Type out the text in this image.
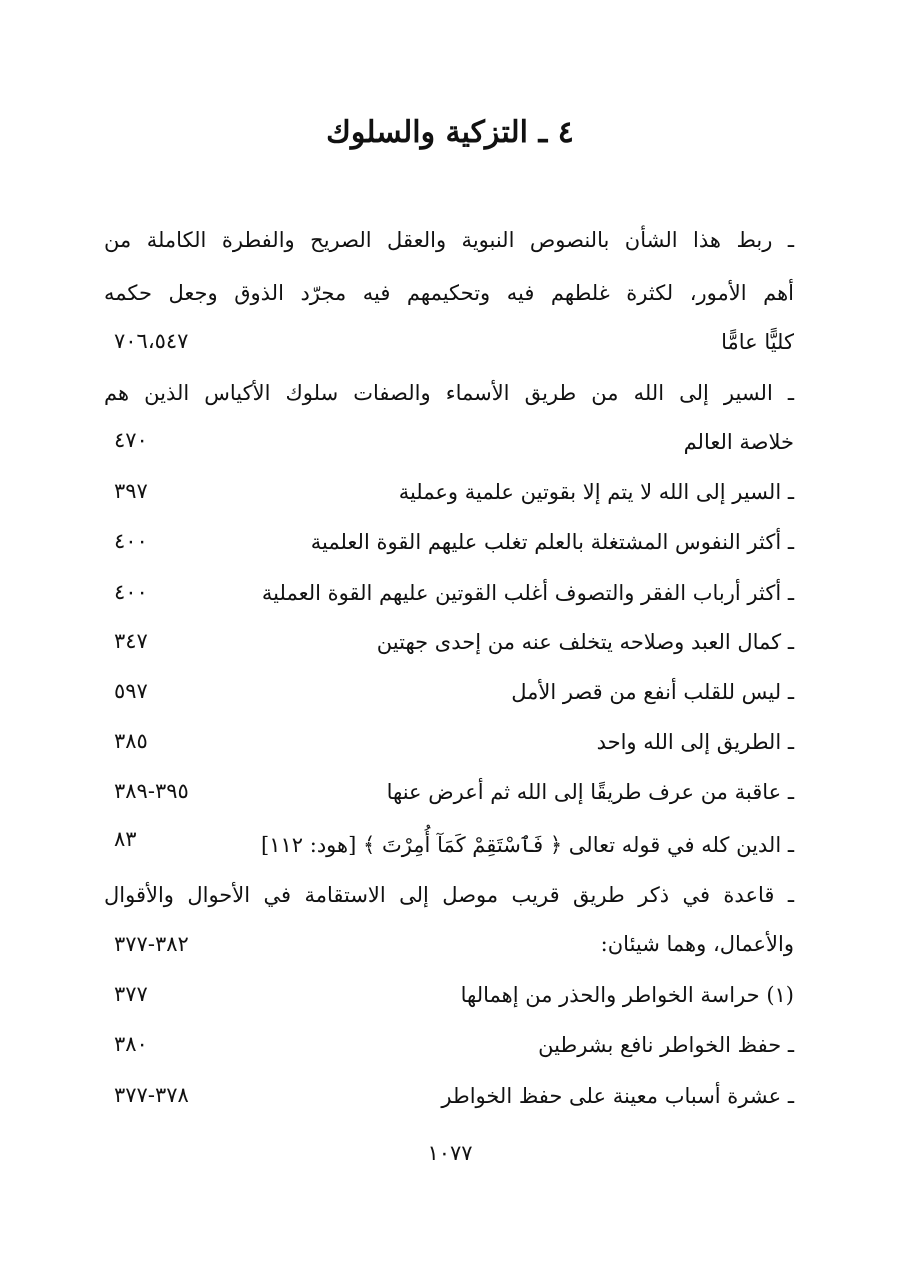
٤ ـ التزكية والسلوك
ـ ربط هذا الشأن بالنصوص النبوية والعقل الصريح والفطرة الكاملة من
أهم الأمور، لكثرة غلطهم فيه وتحكيمهم فيه مجرّد الذوق وجعل حكمه
كليًّا عامًّا
٧٠٦،٥٤٧
ـ السير إلى الله من طريق الأسماء والصفات سلوك الأكياس الذين هم
خلاصة العالم
٤٧٠
ـ السير إلى الله لا يتم إلا بقوتين علمية وعملية
٣٩٧
ـ أكثر النفوس المشتغلة بالعلم تغلب عليهم القوة العلمية
٤٠٠
ـ أكثر أرباب الفقر والتصوف أغلب القوتين عليهم القوة العملية
٤٠٠
ـ كمال العبد وصلاحه يتخلف عنه من إحدى جهتين
٣٤٧
ـ ليس للقلب أنفع من قصر الأمل
٥٩٧
ـ الطريق إلى الله واحد
٣٨٥
ـ عاقبة من عرف طريقًا إلى الله ثم أعرض عنها
٣٩٥-٣٨٩
ـ الدين كله في قوله تعالى ﴿ فَٱسْتَقِمْ كَمَآ أُمِرْتَ ﴾ [هود: ١١٢]
٨٣
ـ قاعدة في ذكر طريق قريب موصل إلى الاستقامة في الأحوال والأقوال
والأعمال، وهما شيئان:
٣٨٢-٣٧٧
(١) حراسة الخواطر والحذر من إهمالها
٣٧٧
ـ حفظ الخواطر نافع بشرطين
٣٨٠
ـ عشرة أسباب معينة على حفظ الخواطر
٣٧٨-٣٧٧
١٠٧٧
